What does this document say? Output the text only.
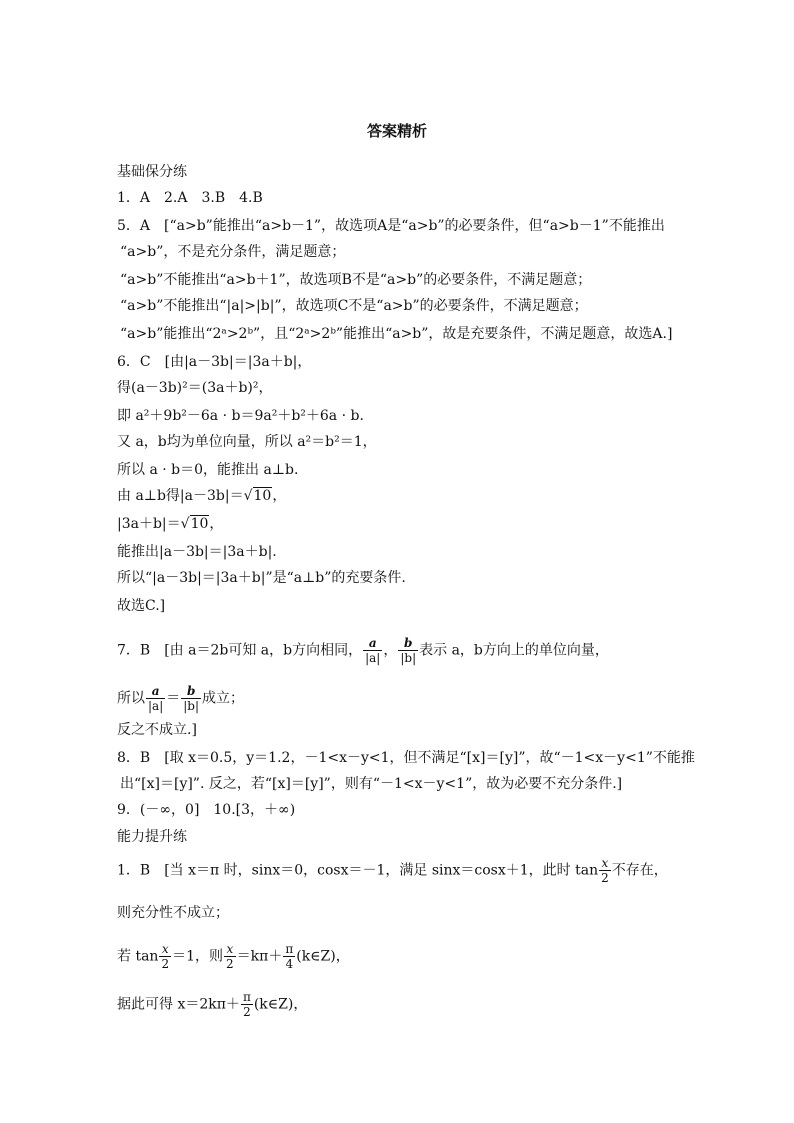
答案精析
基础保分练
1．A　2.A　3.B　4.B
5．A　[“a>b”能推出“a>b－1”，故选项A是“a>b”的必要条件，但“a>b－1”不能推出
“a>b”，不是充分条件，满足题意；
“a>b”不能推出“a>b＋1”，故选项B不是“a>b”的必要条件，不满足题意；
“a>b”不能推出“|a|>|b|”，故选项C不是“a>b”的必要条件，不满足题意；
“a>b”能推出“2ᵃ>2ᵇ”，且“2ᵃ>2ᵇ”能推出“a>b”，故是充要条件，不满足题意，故选A.]
6．C　[由|a－3b|＝|3a＋b|，
得(a－3b)²＝(3a＋b)²，
即 a²＋9b²－6a · b＝9a²＋b²＋6a · b.
又 a，b均为单位向量，所以 a²＝b²＝1，
所以 a · b＝0，能推出 a⊥b.
由 a⊥b得|a－3b|＝√10，
|3a＋b|＝√10，
能推出|a－3b|＝|3a＋b|.
所以“|a－3b|＝|3a＋b|”是“a⊥b”的充要条件.
故选C.]
7．B　[由 a＝2b可知 a，b方向相同， $\frac{a}{|a|}$ ， $\frac{b}{|b|}$ 表示 a，b方向上的单位向量，
所以 $\frac{a}{|a|} = \frac{b}{|b|}$ 成立；
反之不成立.]
8．B　[取 x＝0.5，y＝1.2，－1<x－y<1，但不满足“[x]＝[y]”，故“－1<x－y<1”不能推
出“[x]＝[y]”. 反之，若“[x]＝[y]”，则有“－1<x－y<1”，故为必要不充分条件.]
9．(－∞，0]　10.[3，＋∞)
能力提升练
1．B　[当 x＝π 时，sinx＝0，cosx＝－1，满足 sinx＝cosx＋1，此时 $\tan \frac{x}{2}$ 不存在，
则充分性不成立；
若 $\tan \frac{x}{2} =1$，则 $\frac{x}{2} =k\pi+ \frac{\pi}{4}$ (k∈Z)，
据此可得 $x=2k\pi+ \frac{\pi}{2}$ (k∈Z)，
